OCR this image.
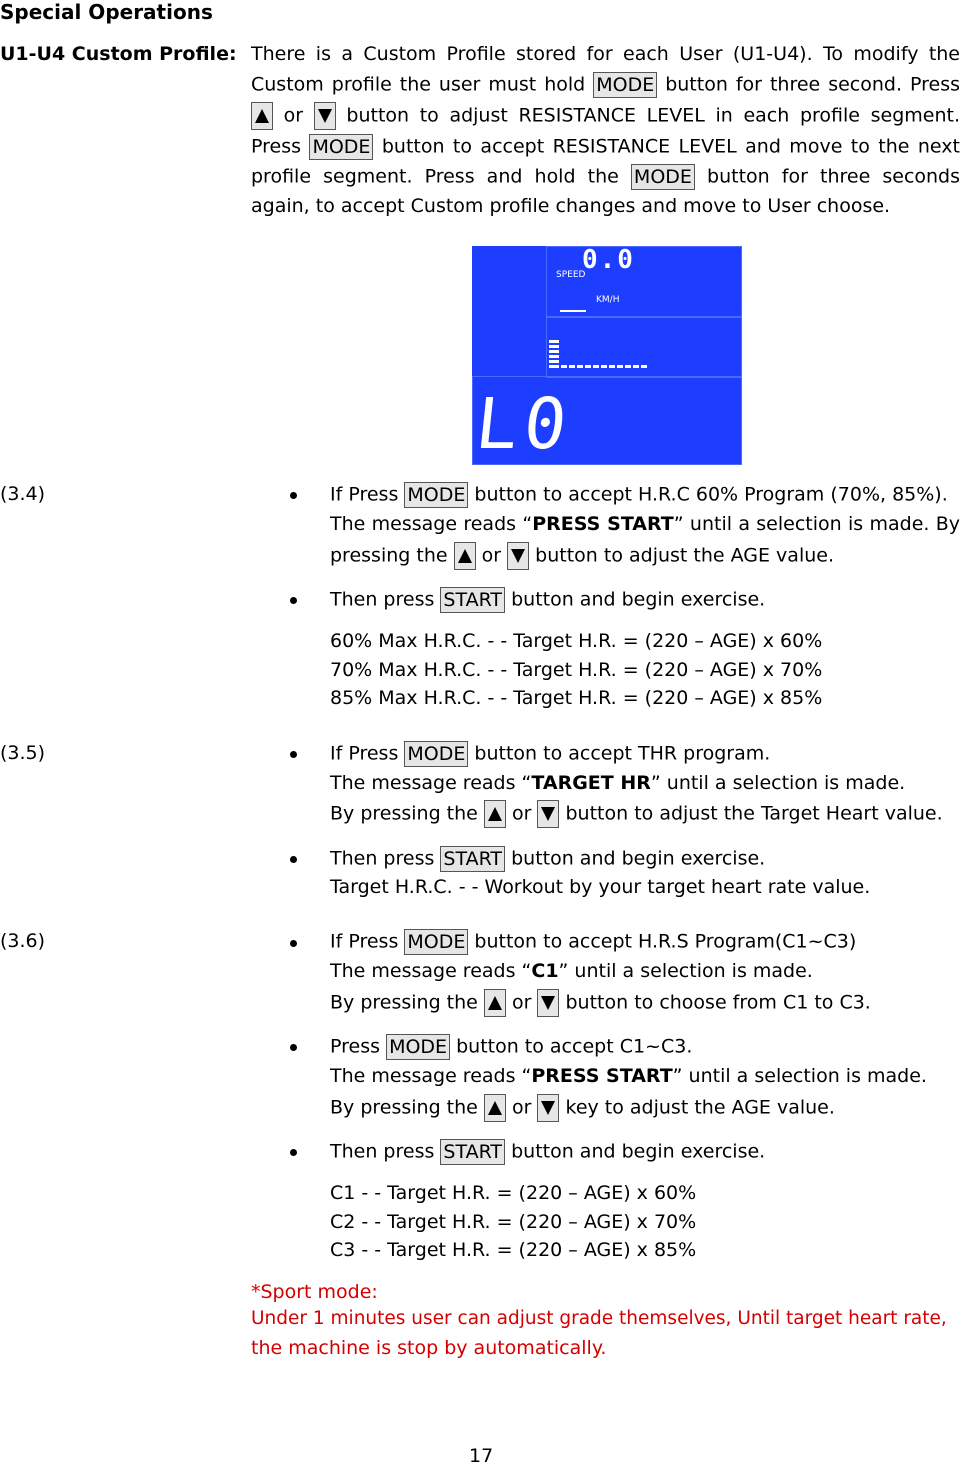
Special Operations
U1-U4 Custom Profile: There is a Custom Profile stored for each User (U1-U4). To modify the
Custom profile the user must hold MODE button for three second. Press
or button to adjust RESISTANCE LEVEL in each profile segment.
Press MODE button to accept RESISTANCE LEVEL and move to the next
profile segment. Press and hold the MODE button for three seconds
again, to accept Custom profile changes and move to User choose.
SPEED
0.0
KM/H
L0
(3.4)	If Press MODE button to accept H.R.C 60% Program (70%, 85%).
The message reads “PRESS START” until a selection is made. By
pressing the or button to adjust the AGE value.
Then press START button and begin exercise.
60% Max H.R.C. - - Target H.R. = (220 – AGE) x 60%
70% Max H.R.C. - - Target H.R. = (220 – AGE) x 70%
85% Max H.R.C. - - Target H.R. = (220 – AGE) x 85%
(3.5)	If Press MODE button to accept THR program.
The message reads “TARGET HR” until a selection is made.
By pressing the or button to adjust the Target Heart value.
Then press START button and begin exercise.
Target H.R.C. - - Workout by your target heart rate value.
(3.6)	If Press MODE button to accept H.R.S Program(C1~C3)
The message reads “C1” until a selection is made.
By pressing the or button to choose from C1 to C3.
Press MODE button to accept C1~C3.
The message reads “PRESS START” until a selection is made.
By pressing the or key to adjust the AGE value.
Then press START button and begin exercise.
C1 - - Target H.R. = (220 – AGE) x 60%
C2 - - Target H.R. = (220 – AGE) x 70%
C3 - - Target H.R. = (220 – AGE) x 85%
*Sport mode:
Under 1 minutes user can adjust grade themselves, Until target heart rate,
the machine is stop by automatically.
17
